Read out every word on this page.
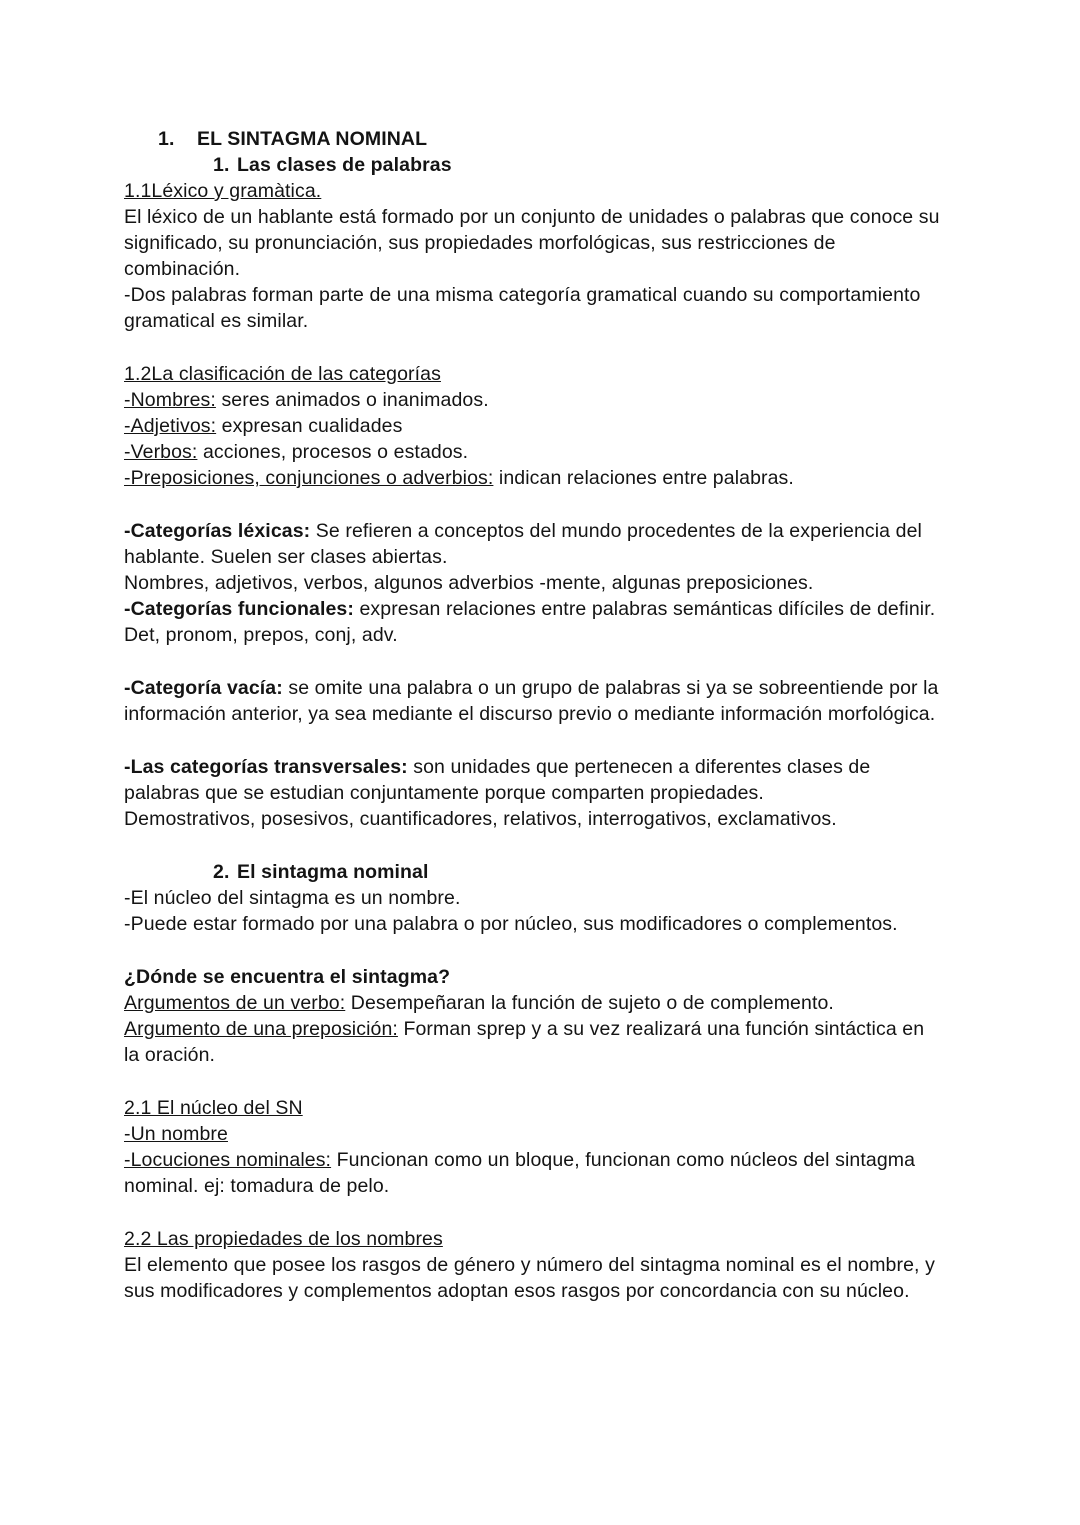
1. EL SINTAGMA NOMINAL

1. Las clases de palabras

1.1Léxico y gramàtica.

El léxico de un hablante está formado por un conjunto de unidades o palabras que conoce su significado, su pronunciación, sus propiedades morfológicas, sus restricciones de combinación.

-Dos palabras forman parte de una misma categoría gramatical cuando su comportamiento gramatical es similar.

1.2La clasificación de las categorías

-Nombres: seres animados o inanimados.

-Adjetivos: expresan cualidades

-Verbos: acciones, procesos o estados.

-Preposiciones, conjunciones o adverbios: indican relaciones entre palabras.

-Categorías léxicas: Se refieren a conceptos del mundo procedentes de la experiencia del hablante. Suelen ser clases abiertas.

Nombres, adjetivos, verbos, algunos adverbios -mente, algunas preposiciones.

-Categorías funcionales: expresan relaciones entre palabras semánticas difíciles de definir.

Det, pronom, prepos, conj, adv.

-Categoría vacía: se omite una palabra o un grupo de palabras si ya se sobreentiende por la información anterior, ya sea mediante el discurso previo o mediante información morfológica.

-Las categorías transversales: son unidades que pertenecen a diferentes clases de palabras que se estudian conjuntamente porque comparten propiedades.

Demostrativos, posesivos, cuantificadores, relativos, interrogativos, exclamativos.

2. El sintagma nominal

-El núcleo del sintagma es un nombre.

-Puede estar formado por una palabra o por núcleo, sus modificadores o complementos.

¿Dónde se encuentra el sintagma?

Argumentos de un verbo: Desempeñaran la función de sujeto o de complemento.

Argumento de una preposición: Forman sprep y a su vez realizará una función sintáctica en la oración.

2.1 El núcleo del SN

-Un nombre

-Locuciones nominales: Funcionan como un bloque, funcionan como núcleos del sintagma nominal. ej: tomadura de pelo.

2.2 Las propiedades de los nombres

El elemento que posee los rasgos de género y número del sintagma nominal es el nombre, y sus modificadores y complementos adoptan esos rasgos por concordancia con su núcleo.
